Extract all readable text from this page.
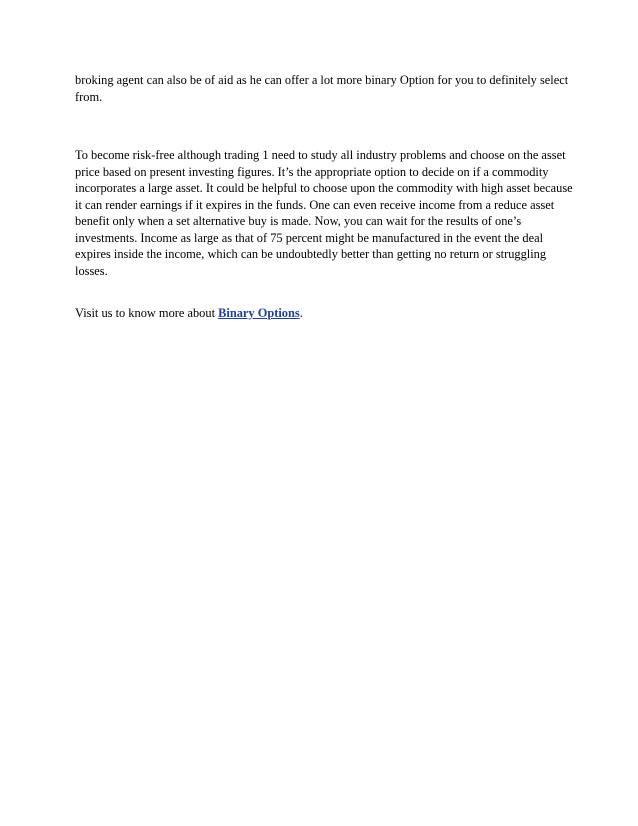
broking agent can also be of aid as he can offer a lot more binary Option for you to definitely select from.

To become risk-free although trading 1 need to study all industry problems and choose on the asset price based on present investing figures. It’s the appropriate option to decide on if a commodity incorporates a large asset. It could be helpful to choose upon the commodity with high asset because it can render earnings if it expires in the funds. One can even receive income from a reduce asset benefit only when a set alternative buy is made. Now, you can wait for the results of one’s investments. Income as large as that of 75 percent might be manufactured in the event the deal expires inside the income, which can be undoubtedly better than getting no return or struggling losses.

Visit us to know more about Binary Options.
